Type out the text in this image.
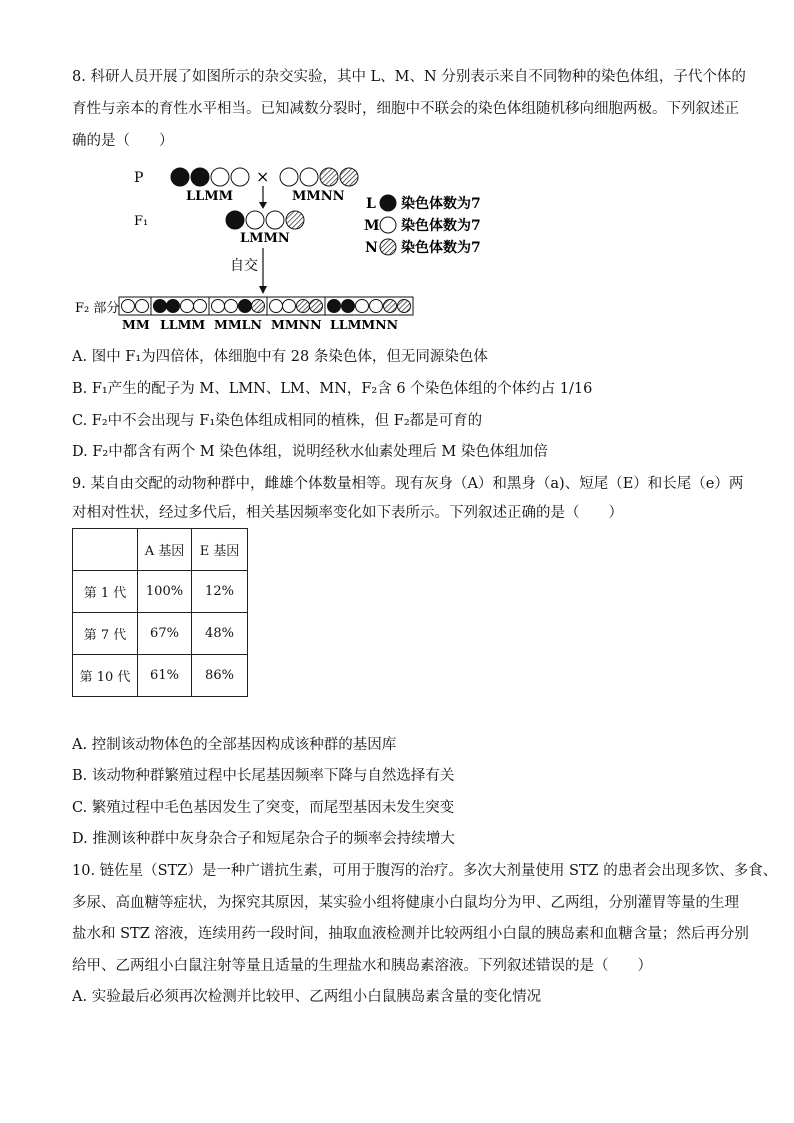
8. 科研人员开展了如图所示的杂交实验，其中 L、M、N 分别表示来自不同物种的染色体组，子代个体的
育性与亲本的育性水平相当。已知减数分裂时，细胞中不联会的染色体组随机移向细胞两极。下列叙述正
确的是（　　）
P	×
LLMM	MMNN
F₁
LMMN
自交
L 染色体数为7
M 染色体数为7
N 染色体数为7
F₂ 部分
MM LLMM MMLN MMNN LLMMNN
A. 图中 F₁为四倍体，体细胞中有 28 条染色体，但无同源染色体
B. F₁产生的配子为 M、LMN、LM、MN，F₂含 6 个染色体组的个体约占 1/16
C. F₂中不会出现与 F₁染色体组成相同的植株，但 F₂都是可育的
D. F₂中都含有两个 M 染色体组，说明经秋水仙素处理后 M 染色体组加倍
9. 某自由交配的动物种群中，雌雄个体数量相等。现有灰身（A）和黑身（a)、短尾（E）和长尾（e）两
对相对性状，经过多代后，相关基因频率变化如下表所示。下列叙述正确的是（　　）
	A 基因	E 基因
第 1 代	100%	12%
第 7 代	67%	48%
第 10 代	61%	86%
A. 控制该动物体色的全部基因构成该种群的基因库
B. 该动物种群繁殖过程中长尾基因频率下降与自然选择有关
C. 繁殖过程中毛色基因发生了突变，而尾型基因未发生突变
D. 推测该种群中灰身杂合子和短尾杂合子的频率会持续增大
10. 链佐星（STZ）是一种广谱抗生素，可用于腹泻的治疗。多次大剂量使用 STZ 的患者会出现多饮、多食、
多尿、高血糖等症状，为探究其原因，某实验小组将健康小白鼠均分为甲、乙两组，分别灌胃等量的生理
盐水和 STZ 溶液，连续用药一段时间，抽取血液检测并比较两组小白鼠的胰岛素和血糖含量；然后再分别
给甲、乙两组小白鼠注射等量且适量的生理盐水和胰岛素溶液。下列叙述错误的是（　　）
A. 实验最后必须再次检测并比较甲、乙两组小白鼠胰岛素含量的变化情况
